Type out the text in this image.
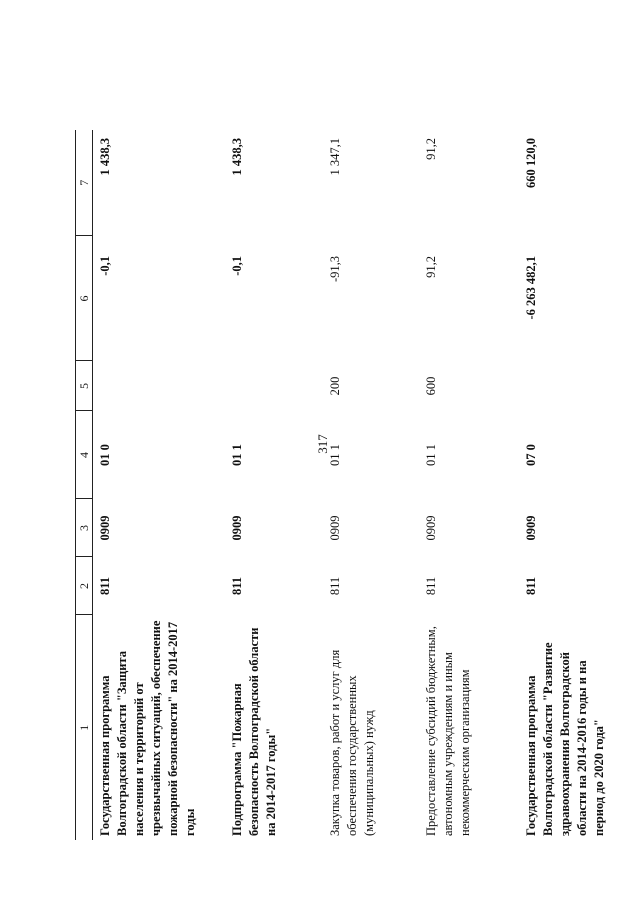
317
1	2	3	4	5	6	7
Государственная программа Волгоградской области "Защита населения и территорий от чрезвычайных ситуаций, обеспечение пожарной безопасности" на 2014-2017 годы	811	0909	01 0		-0,1	1 438,3
Подпрограмма "Пожарная безопасность Волгоградской области на 2014-2017 годы"	811	0909	01 1		-0,1	1 438,3
Закупка товаров, работ и услуг для обеспечения государственных (муниципальных) нужд	811	0909	01 1	200	-91,3	1 347,1
Предоставление субсидий бюджетным, автономным учреждениям и иным некоммерческим организациям	811	0909	01 1	600	91,2	91,2
Государственная программа Волгоградской области "Развитие здравоохранения Волгоградской области на 2014-2016 годы и на период до 2020 года"	811	0909	07 0		-6 263 482,1	660 120,0
